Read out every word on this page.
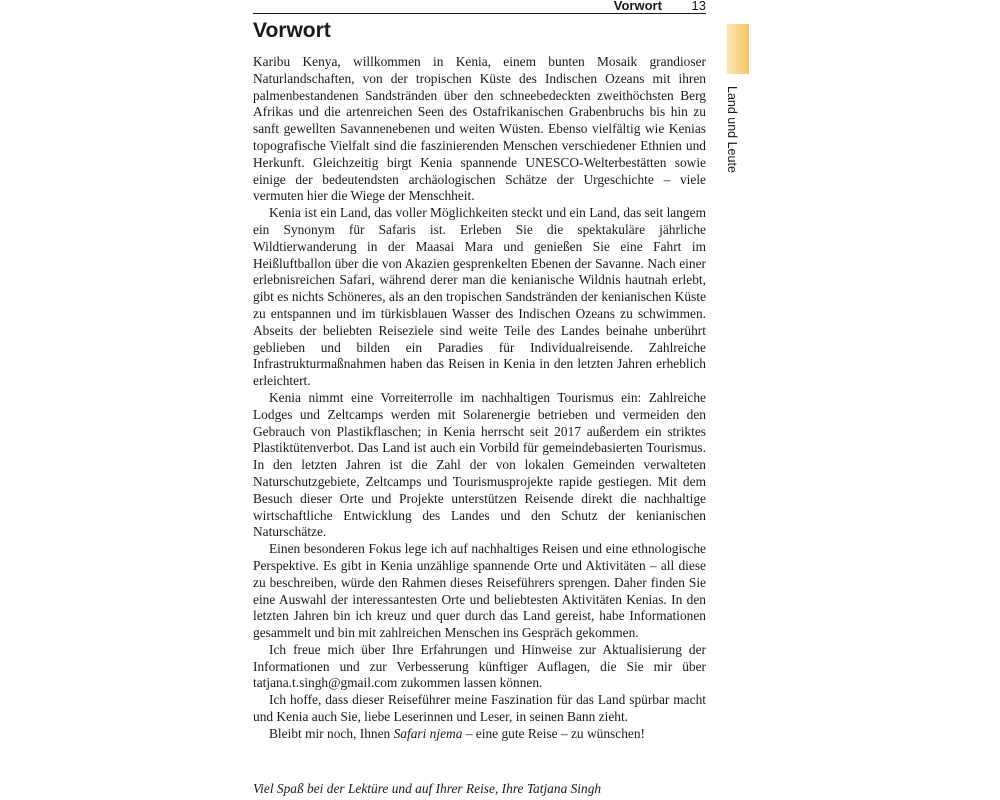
Vorwort 13
Vorwort
Land und Leute

Karibu Kenya, willkommen in Kenia, einem bunten Mosaik grandioser Naturlandschaften, von der tropischen Küste des Indischen Ozeans mit ihren palmenbestandenen Sandstränden über den schneebedeckten zweithöchsten Berg Afrikas und die artenreichen Seen des Ostafrikanischen Grabenbruchs bis hin zu sanft gewellten Savannenebenen und weiten Wüsten. Ebenso vielfältig wie Kenias topografische Vielfalt sind die faszinierenden Menschen verschiedener Ethnien und Herkunft. Gleichzeitig birgt Kenia spannende UNESCO-Welterbestätten sowie einige der bedeutendsten archäologischen Schätze der Urgeschichte – viele vermuten hier die Wiege der Menschheit.

Kenia ist ein Land, das voller Möglichkeiten steckt und ein Land, das seit langem ein Synonym für Safaris ist. Erleben Sie die spektakuläre jährliche Wildtierwanderung in der Maasai Mara und genießen Sie eine Fahrt im Heißluftballon über die von Akazien gesprenkelten Ebenen der Savanne. Nach einer erlebnisreichen Safari, während derer man die kenianische Wildnis hautnah erlebt, gibt es nichts Schöneres, als an den tropischen Sandstränden der kenianischen Küste zu entspannen und im türkisblauen Wasser des Indischen Ozeans zu schwimmen. Abseits der beliebten Reiseziele sind weite Teile des Landes beinahe unberührt geblieben und bilden ein Paradies für Individualreisende. Zahlreiche Infrastrukturmaßnahmen haben das Reisen in Kenia in den letzten Jahren erheblich erleichtert.

Kenia nimmt eine Vorreiterrolle im nachhaltigen Tourismus ein: Zahlreiche Lodges und Zeltcamps werden mit Solarenergie betrieben und vermeiden den Gebrauch von Plastikflaschen; in Kenia herrscht seit 2017 außerdem ein striktes Plastiktütenverbot. Das Land ist auch ein Vorbild für gemeindebasierten Tourismus. In den letzten Jahren ist die Zahl der von lokalen Gemeinden verwalteten Naturschutzgebiete, Zeltcamps und Tourismusprojekte rapide gestiegen. Mit dem Besuch dieser Orte und Projekte unterstützen Reisende direkt die nachhaltige wirtschaftliche Entwicklung des Landes und den Schutz der kenianischen Naturschätze.

Einen besonderen Fokus lege ich auf nachhaltiges Reisen und eine ethnologische Perspektive. Es gibt in Kenia unzählige spannende Orte und Aktivitäten – all diese zu beschreiben, würde den Rahmen dieses Reiseführers sprengen. Daher finden Sie eine Auswahl der interessantesten Orte und beliebtesten Aktivitäten Kenias. In den letzten Jahren bin ich kreuz und quer durch das Land gereist, habe Informationen gesammelt und bin mit zahlreichen Menschen ins Gespräch gekommen.

Ich freue mich über Ihre Erfahrungen und Hinweise zur Aktualisierung der Informationen und zur Verbesserung künftiger Auflagen, die Sie mir über tatjana.t.singh@gmail.com zukommen lassen können.

Ich hoffe, dass dieser Reiseführer meine Faszination für das Land spürbar macht und Kenia auch Sie, liebe Leserinnen und Leser, in seinen Bann zieht.

Bleibt mir noch, Ihnen Safari njema – eine gute Reise – zu wünschen!

Viel Spaß bei der Lektüre und auf Ihrer Reise, Ihre Tatjana Singh
